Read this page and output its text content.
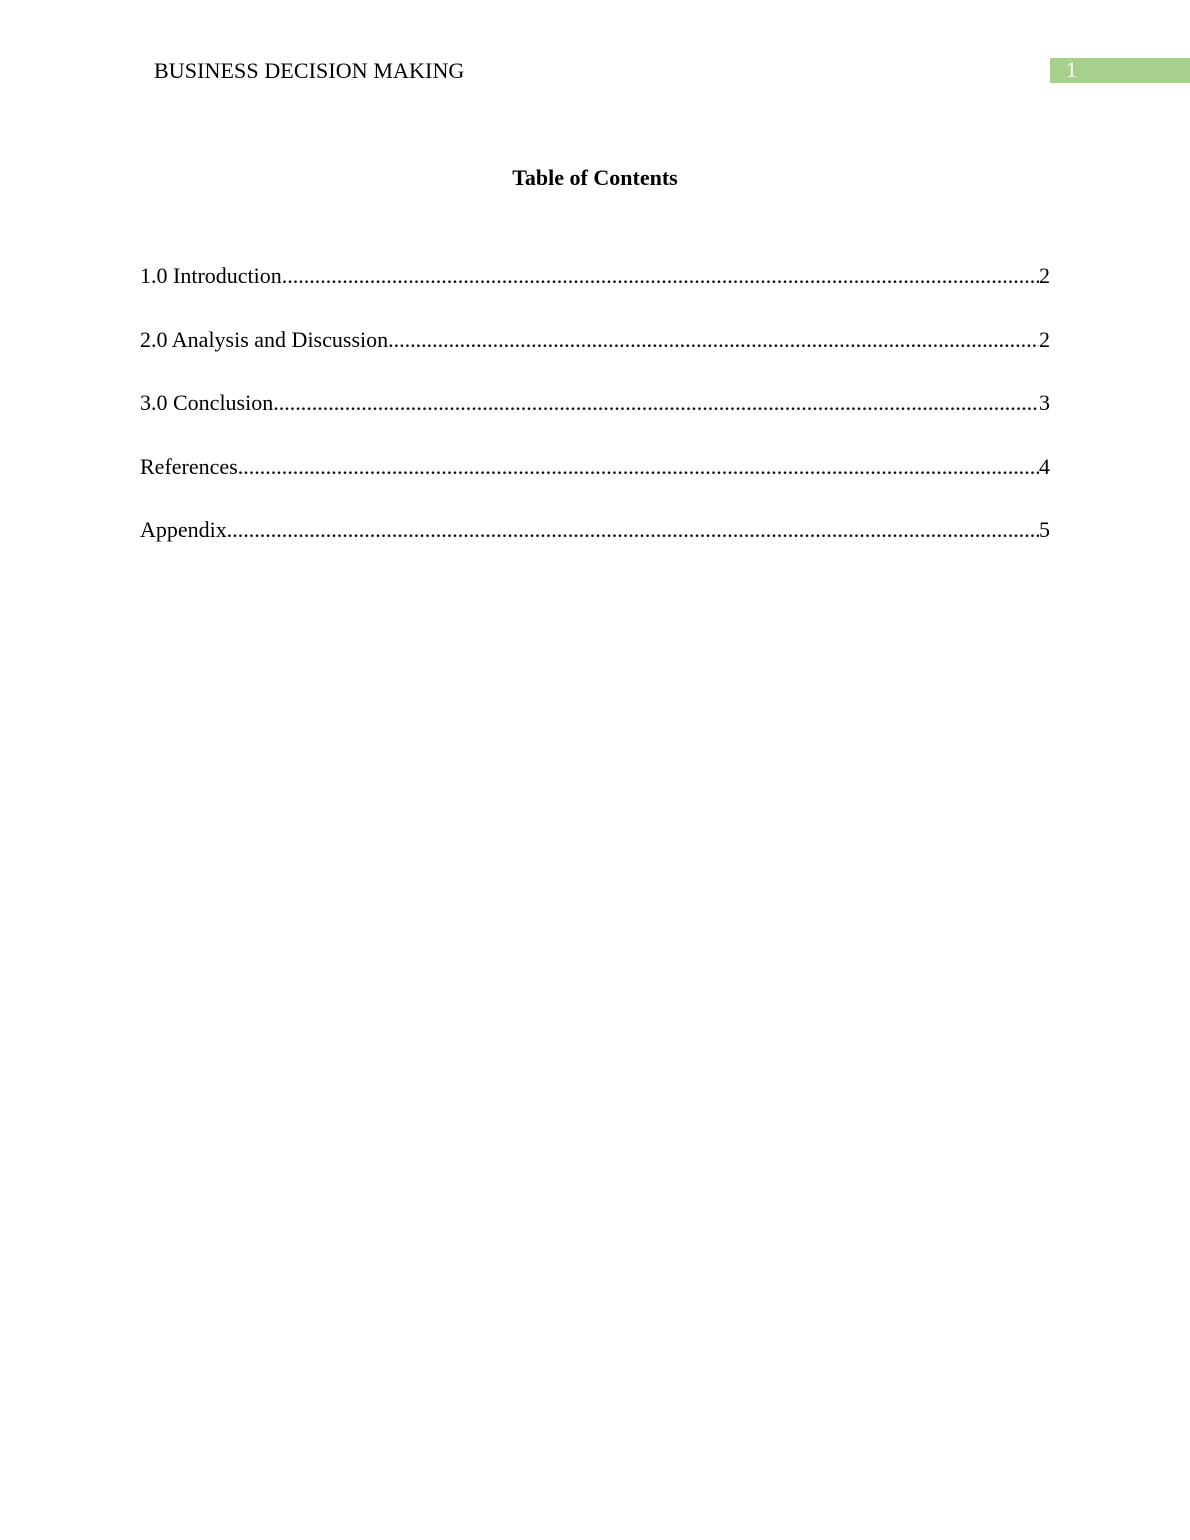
BUSINESS DECISION MAKING	1
Table of Contents
1.0 Introduction .....	2
2.0 Analysis and Discussion .....	2
3.0 Conclusion .....	3
References .....	4
Appendix .....	5
